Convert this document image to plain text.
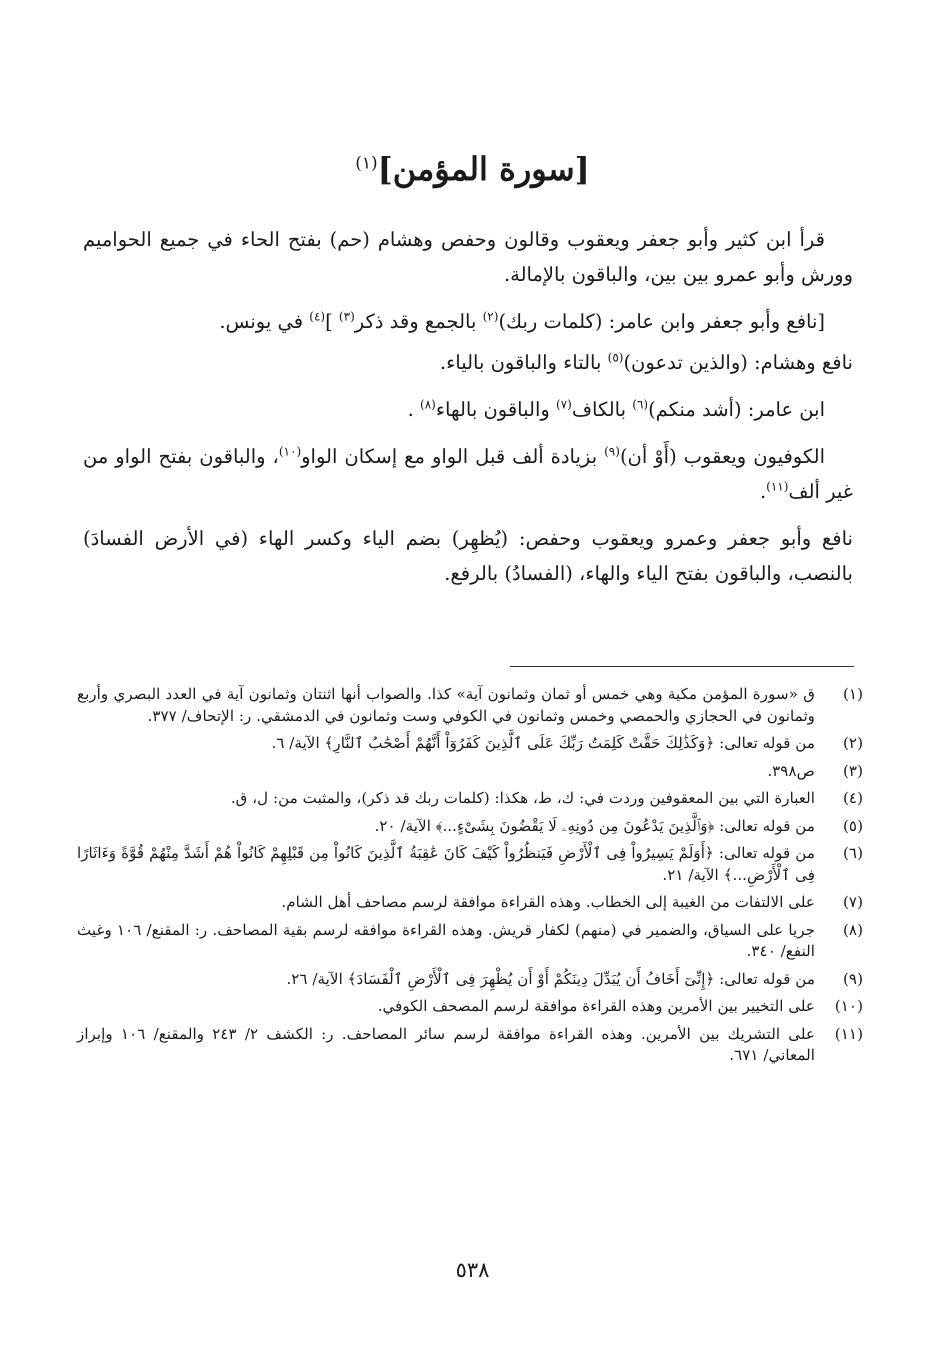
[سورة المؤمن]$^{(١)}$

قرأ ابن كثير وأبو جعفر ويعقوب وقالون وحفص وهشام (حم) بفتح الحاء في جميع الحواميم وورش وأبو عمرو بين بين، والباقون بالإمالة.

[نافع وأبو جعفر وابن عامر: (كلمات ربك)$^{(٢)}$ بالجمع وقد ذكر$^{(٣)}$ ]$^{(٤)}$ في يونس.

نافع وهشام: (والذين تدعون)$^{(٥)}$ بالتاء والباقون بالياء.

ابن عامر: (أشد منكم)$^{(٦)}$ بالكاف$^{(٧)}$ والباقون بالهاء$^{(٨)}$ .

الكوفيون ويعقوب (أَوْ أن)$^{(٩)}$ بزيادة ألف قبل الواو مع إسكان الواو$^{(١٠)}$، والباقون بفتح الواو من غير ألف$^{(١١)}$.

نافع وأبو جعفر وعمرو ويعقوب وحفص: (يُظهِر) بضم الياء وكسر الهاء (في الأرض الفسادَ) بالنصب، والباقون بفتح الياء والهاء، (الفسادُ) بالرفع.

(١)
ق «سورة المؤمن مكية وهي خمس أو ثمان وثمانون آية» كذا. والصواب أنها اثنتان وثمانون آية في العدد البصري وأربع وثمانون في الحجازي والحمصي وخمس وثمانون في الكوفي وست وثمانون في الدمشقي. ر: الإتحاف/ ٣٧٧.
(٢)
من قوله تعالى: ﴿وَكَذَٰلِكَ حَقَّتْ كَلِمَتُ رَبِّكَ عَلَى ٱلَّذِينَ كَفَرُوٓاْ أَنَّهُمْ أَصْحَٰبُ ٱلنَّارِ﴾ الآية/ ٦.
(٣)
ص٣٩٨.
(٤)
العبارة التي بين المعقوفين وردت في: ك، ط، هكذا: (كلمات ربك قد ذكر)، والمثبت من: ل، ق.
(٥)
من قوله تعالى: ﴿وَٱلَّذِينَ يَدْعُونَ مِن دُونِهِۦ لَا يَقْضُونَ بِشَىْءٍ...﴾ الآية/ ٢٠.
(٦)
من قوله تعالى: ﴿أَوَلَمْ يَسِيرُواْ فِى ٱلْأَرْضِ فَيَنظُرُواْ كَيْفَ كَانَ عَٰقِبَةُ ٱلَّذِينَ كَانُواْ مِن قَبْلِهِمْ كَانُواْ هُمْ أَشَدَّ مِنْهُمْ قُوَّةً وَءَاثَارًا فِى ٱلْأَرْضِ...﴾ الآية/ ٢١.
(٧)
على الالتفات من الغيبة إلى الخطاب. وهذه القراءة موافقة لرسم مصاحف أهل الشام.
(٨)
جريا على السياق، والضمير في (منهم) لكفار قريش. وهذه القراءة موافقه لرسم بقية المصاحف. ر: المقنع/ ١٠٦ وغيث النفع/ ٣٤٠.
(٩)
من قوله تعالى: ﴿إِنِّىٓ أَخَافُ أَن يُبَدِّلَ دِينَكُمْ أَوْ أَن يُظْهِرَ فِى ٱلْأَرْضِ ٱلْفَسَادَ﴾ الآية/ ٢٦.
(١٠)
على التخيير بين الأمرين وهذه القراءة موافقة لرسم المصحف الكوفي.
(١١)
على التشريك بين الأمرين. وهذه القراءة موافقة لرسم سائر المصاحف. ر: الكشف ٢/ ٢٤٣ والمقنع/ ١٠٦ وإبراز المعاني/ ٦٧١.
٥٣٨
